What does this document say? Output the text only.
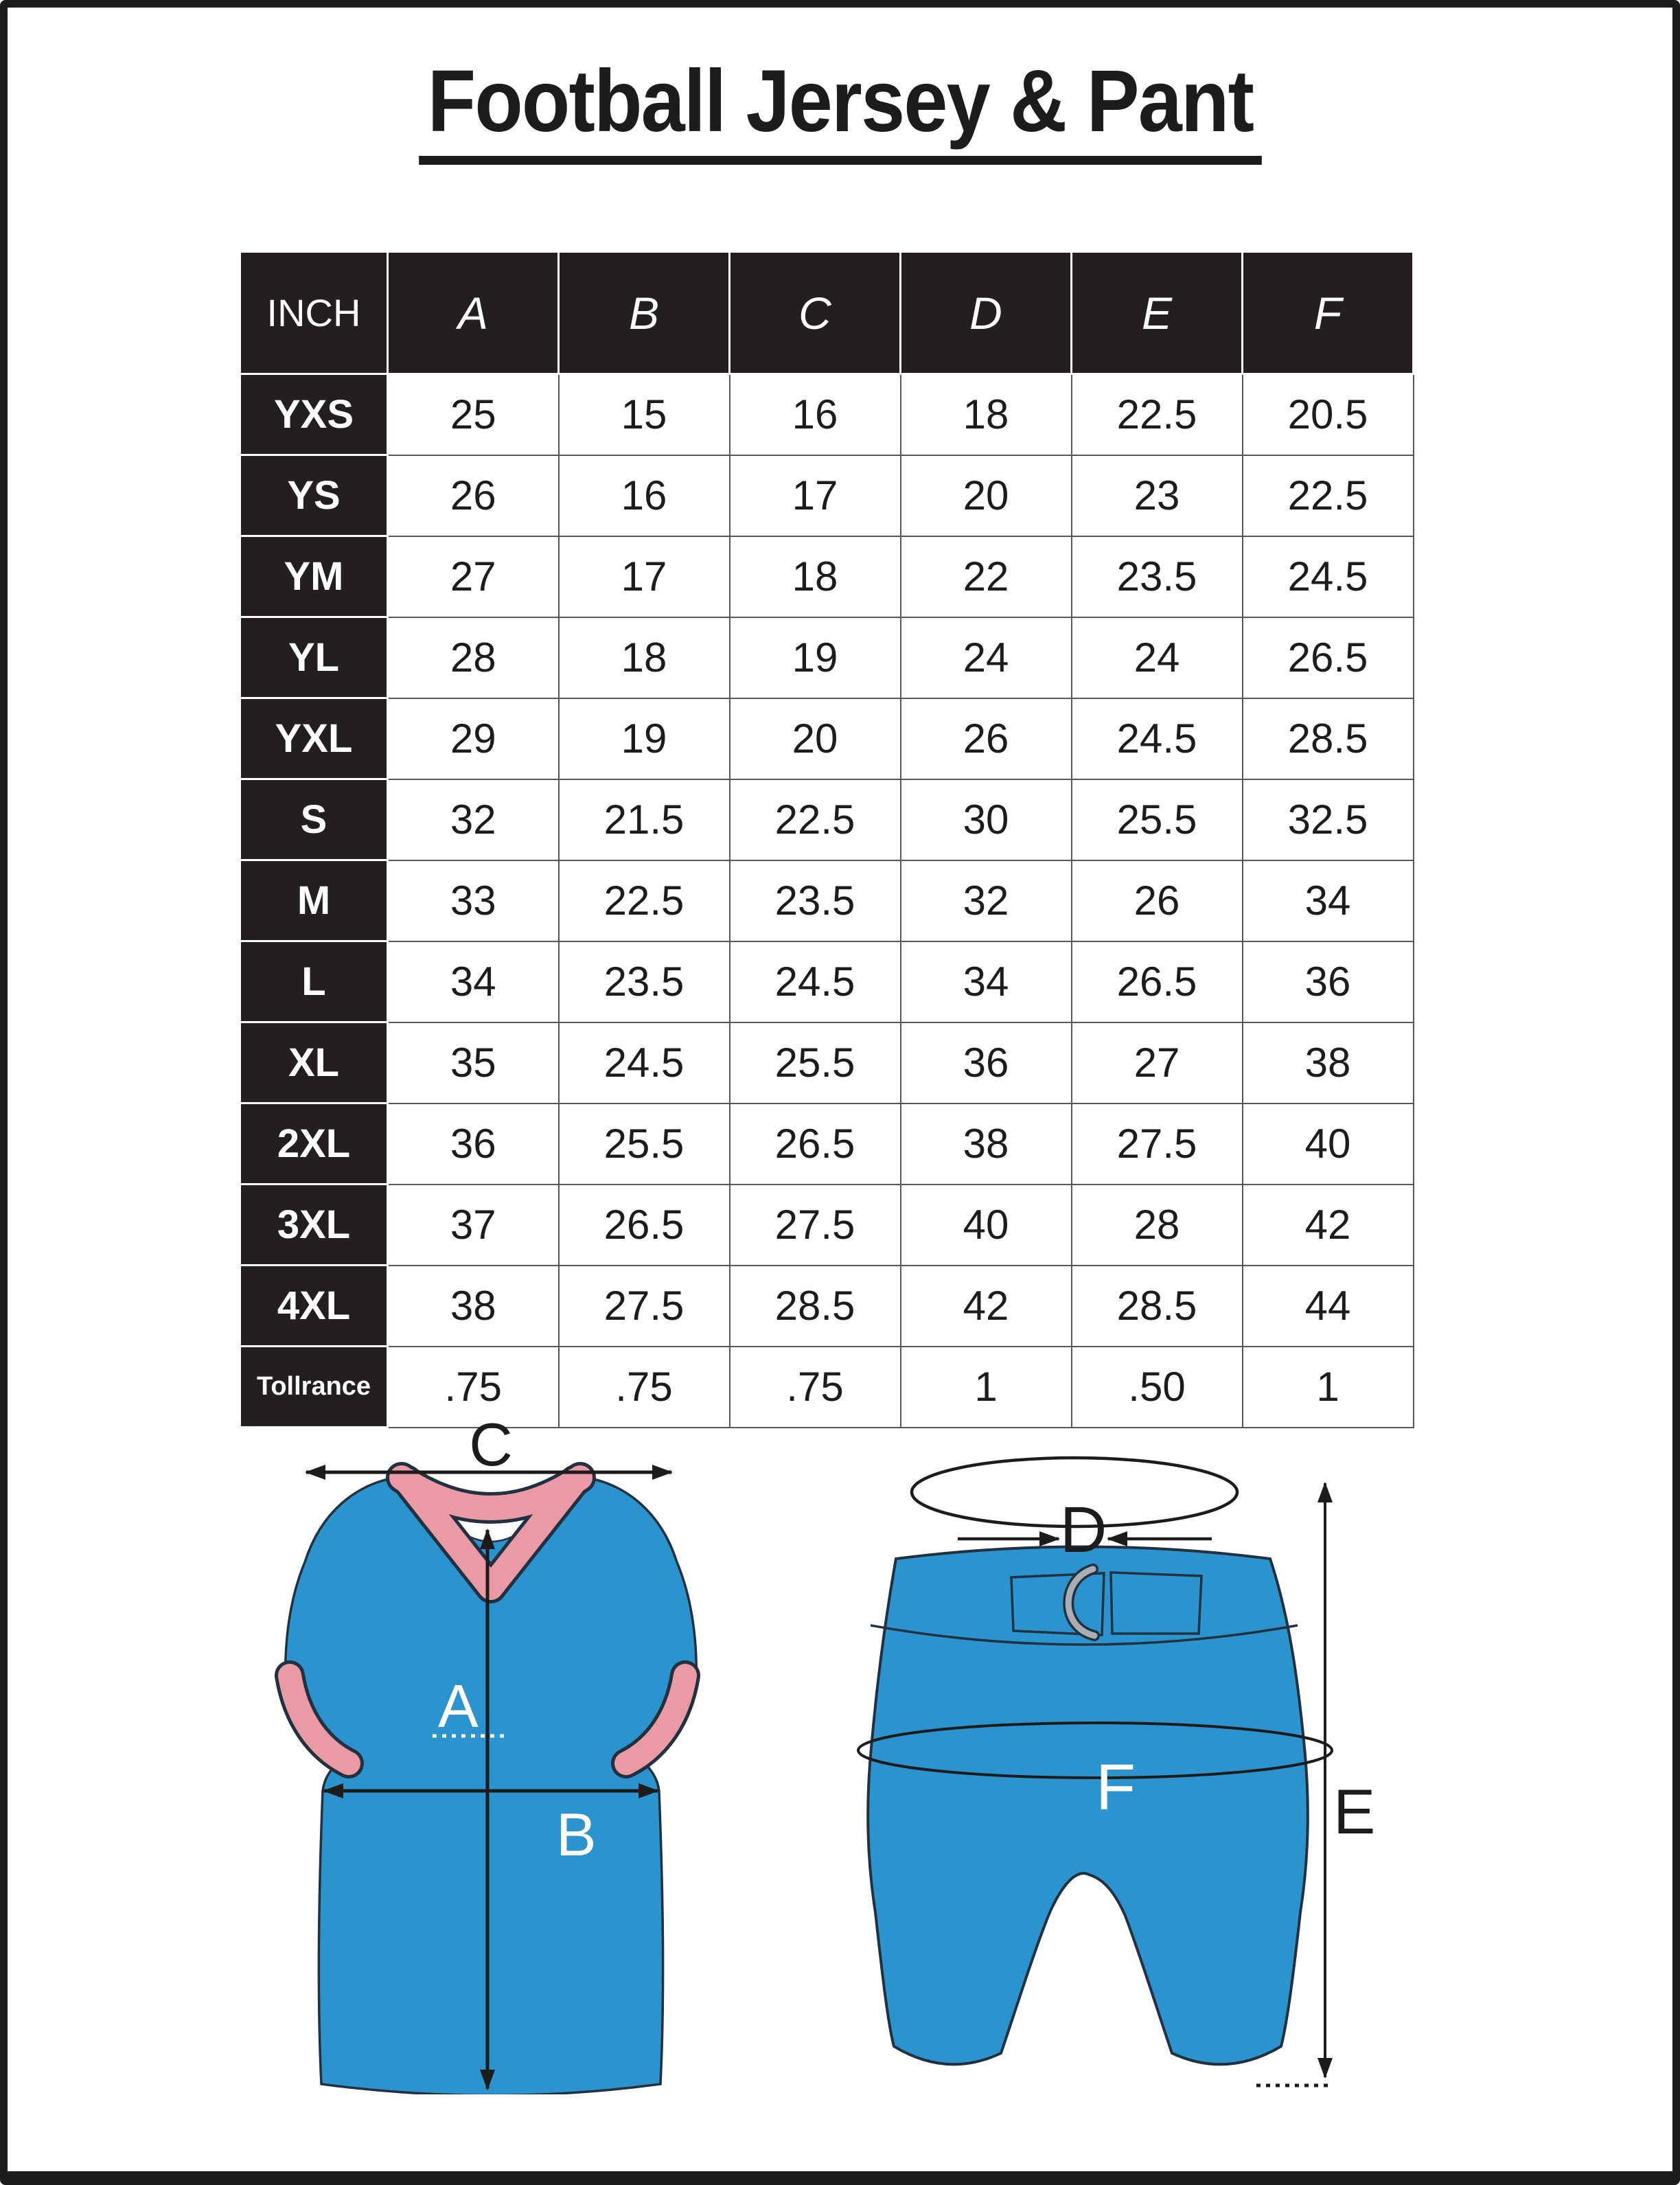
Football Jersey & Pant
INCH	A	B	C	D	E	F
YXS	25	15	16	18	22.5	20.5
YS	26	16	17	20	23	22.5
YM	27	17	18	22	23.5	24.5
YL	28	18	19	24	24	26.5
YXL	29	19	20	26	24.5	28.5
S	32	21.5	22.5	30	25.5	32.5
M	33	22.5	23.5	32	26	34
L	34	23.5	24.5	34	26.5	36
XL	35	24.5	25.5	36	27	38
2XL	36	25.5	26.5	38	27.5	40
3XL	37	26.5	27.5	40	28	42
4XL	38	27.5	28.5	42	28.5	44
Tollrance	.75	.75	.75	1	.50	1
C
A
B
D
F	E
